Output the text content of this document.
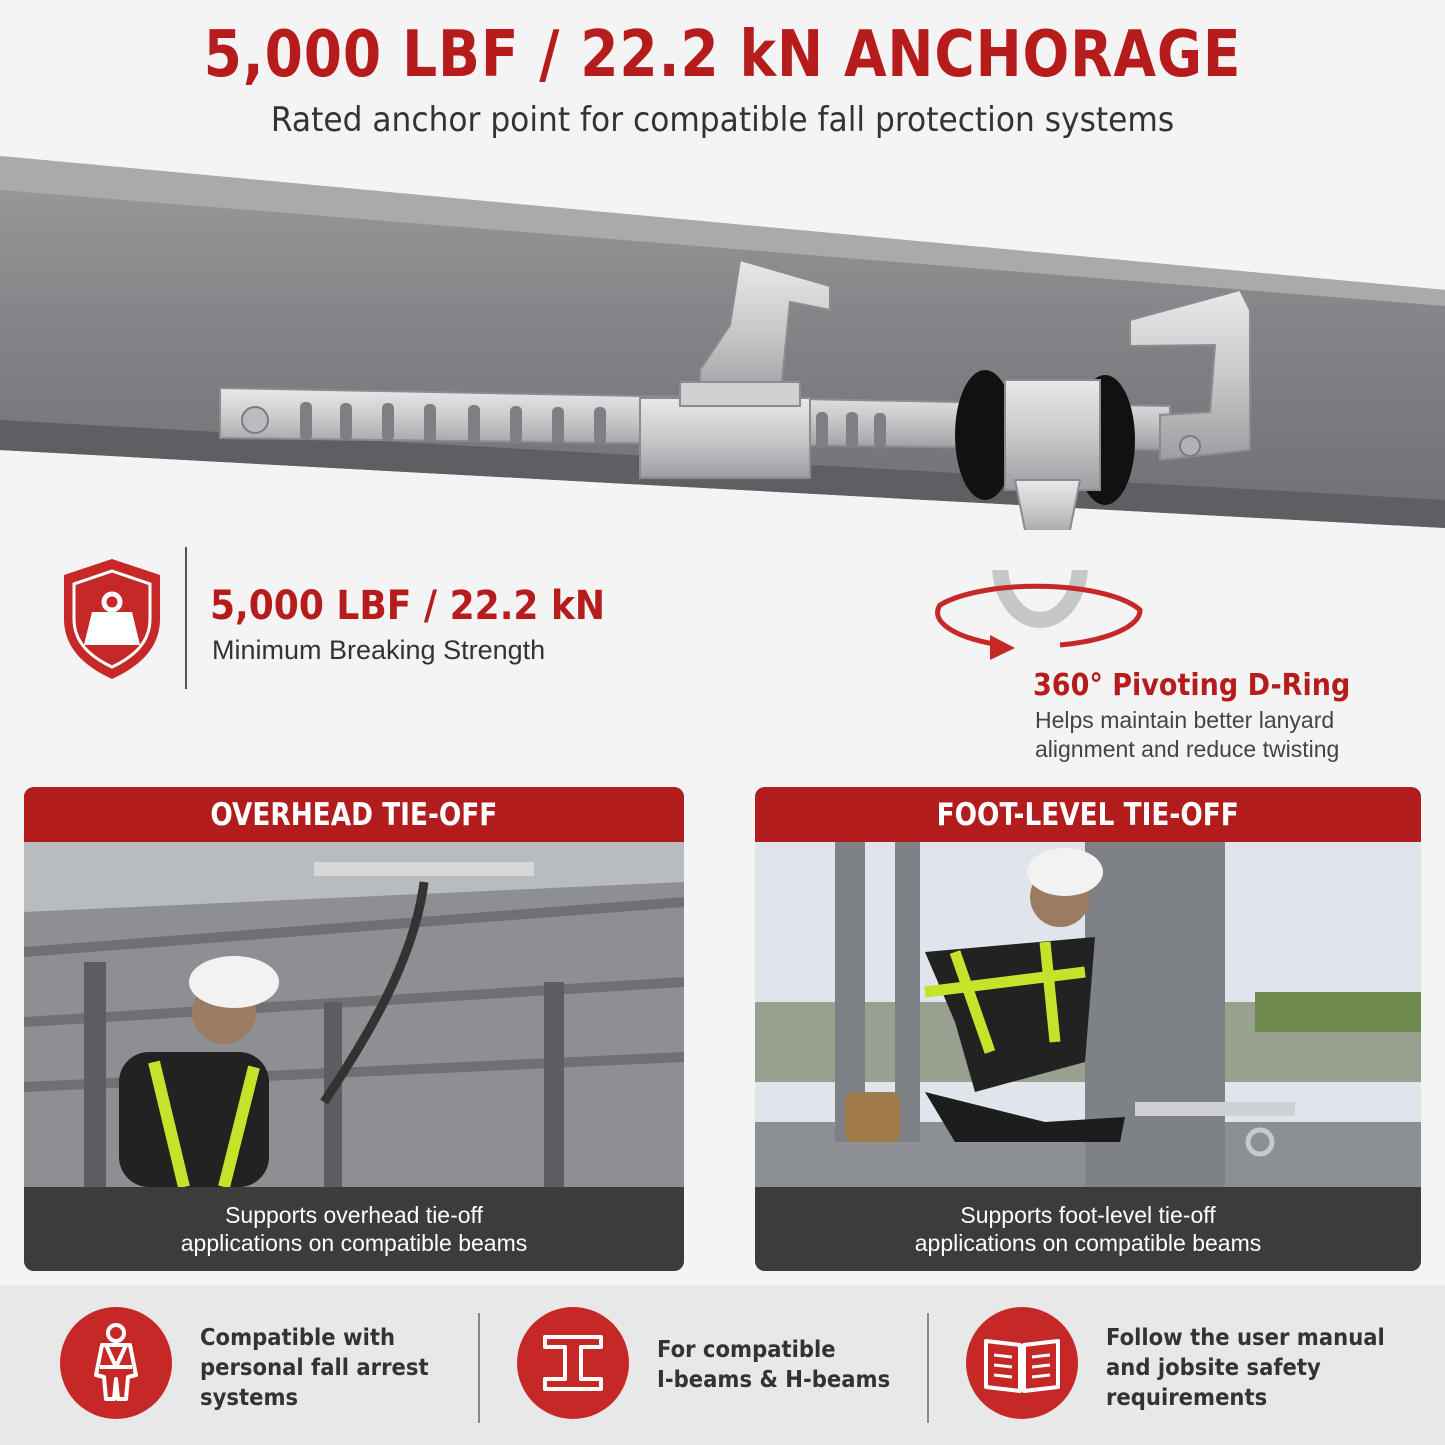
5,000 LBF / 22.2 kN ANCHORAGE
Rated anchor point for compatible fall protection systems
5,000 LBF / 22.2 kN
Minimum Breaking Strength
360° Pivoting D-Ring
Helps maintain better lanyard
alignment and reduce twisting
OVERHEAD TIE-OFF
Supports overhead tie-off
applications on compatible beams
FOOT-LEVEL TIE-OFF
Supports foot-level tie-off
applications on compatible beams
Compatible with
personal fall arrest
systems
For compatible
I-beams & H-beams
Follow the user manual
and jobsite safety
requirements
